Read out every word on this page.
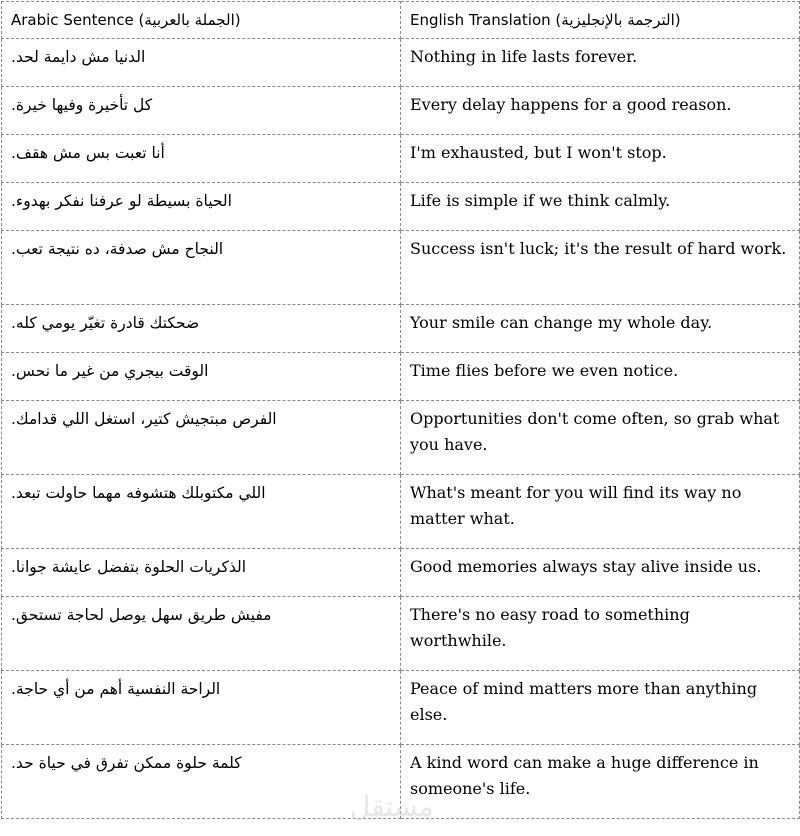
Arabic Sentence (الجملة بالعربية)	English Translation (الترجمة بالإنجليزية)
الدنيا مش دايمة لحد.	Nothing in life lasts forever.
كل تأخيرة وفيها خيرة.	Every delay happens for a good reason.
أنا تعبت بس مش هقف.	I'm exhausted, but I won't stop.
الحياة بسيطة لو عرفنا نفكر بهدوء.	Life is simple if we think calmly.
النجاح مش صدفة، ده نتيجة تعب.	Success isn't luck; it's the result of hard work.
ضحكتك قادرة تغيّر يومي كله.	Your smile can change my whole day.
الوقت بيجري من غير ما نحس.	Time flies before we even notice.
الفرص مبتجيش كتير، استغل اللي قدامك.	Opportunities don't come often, so grab what you have.
اللي مكتوبلك هتشوفه مهما حاولت تبعد.	What's meant for you will find its way no matter what.
الذكريات الحلوة بتفضل عايشة جوانا.	Good memories always stay alive inside us.
مفيش طريق سهل يوصل لحاجة تستحق.	There's no easy road to something worthwhile.
الراحة النفسية أهم من أي حاجة.	Peace of mind matters more than anything else.
كلمة حلوة ممكن تفرق في حياة حد.	A kind word can make a huge difference in someone's life.
مستقل
